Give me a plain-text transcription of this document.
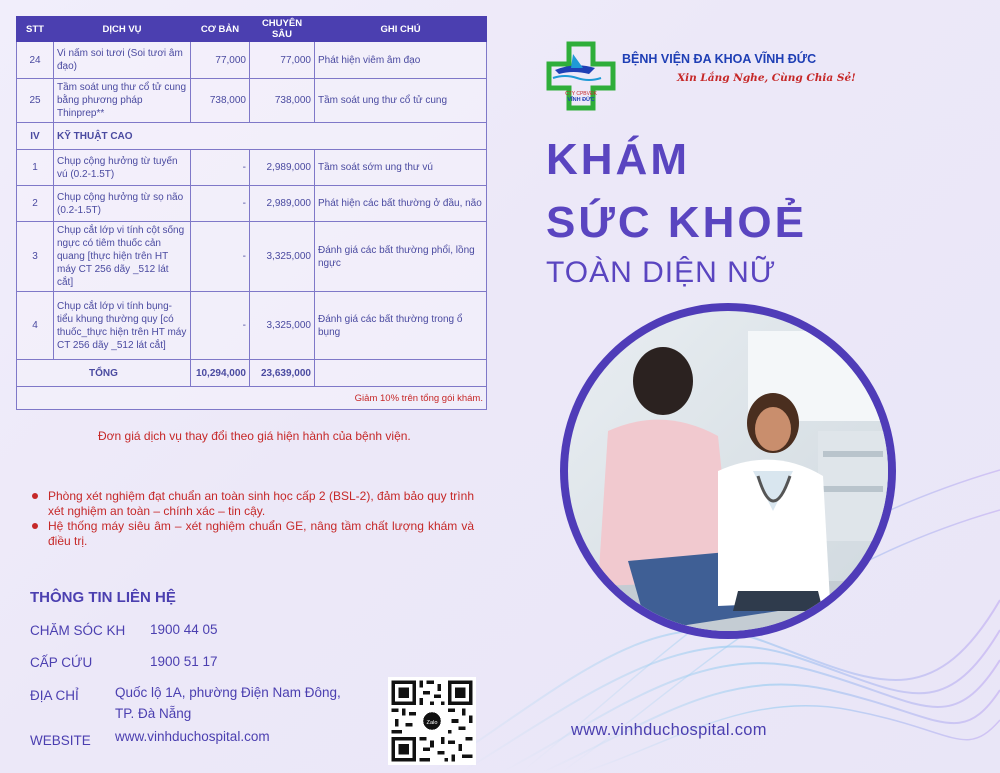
STT	DỊCH VỤ	CƠ BẢN	CHUYÊN SÂU	GHI CHÚ
24	Vi nấm soi tươi (Soi tươi âm đạo)	77,000	77,000	Phát hiện viêm âm đạo
25	Tầm soát ung thư cổ tử cung bằng phương pháp Thinprep**	738,000	738,000	Tầm soát ung thư cổ tử cung
IV	KỸ THUẬT CAO			
1	Chụp cộng hưởng từ tuyến vú (0.2-1.5T)	-	2,989,000	Tầm soát sớm ung thư vú
2	Chụp cộng hưởng từ sọ não (0.2-1.5T)	-	2,989,000	Phát hiện các bất thường ở đầu, não
3	Chụp cắt lớp vi tính cột sống ngực có tiêm thuốc cản quang [thực hiện trên HT máy CT 256 dãy _512 lát cắt]	-	3,325,000	Đánh giá các bất thường phổi, lồng ngực
4	Chụp cắt lớp vi tính bụng-tiểu khung thường quy [có thuốc_thực hiện trên HT máy CT 256 dãy _512 lát cắt]	-	3,325,000	Đánh giá các bất thường trong ổ bụng
TỔNG		10,294,000	23,639,000	
Giảm 10% trên tổng gói khám.				
Đơn giá dịch vụ thay đổi theo giá hiện hành của bệnh viện.
Phòng xét nghiệm đạt chuẩn an toàn sinh học cấp 2 (BSL-2), đảm bảo quy trình xét nghiệm an toàn – chính xác – tin cậy.
Hệ thống máy siêu âm – xét nghiệm chuẩn GE, nâng tầm chất lượng khám và điều trị.
THÔNG TIN LIÊN HỆ
CHĂM SÓC KH 1900 44 05
CẤP CỨU	1900 51 17
ĐỊA CHỈ	Quốc lộ 1A, phường Điện Nam Đông,
TP. Đà Nẵng
WEBSITE www.vinhduchospital.com
Zalo
CTY CPBVĐK
VĨNH ĐỨC
BỆNH VIỆN ĐA KHOA VĨNH ĐỨC
Xin Lắng Nghe, Cùng Chia Sẻ!
KHÁM
SỨC KHOẺ
TOÀN DIỆN NỮ
www.vinhduchospital.com
